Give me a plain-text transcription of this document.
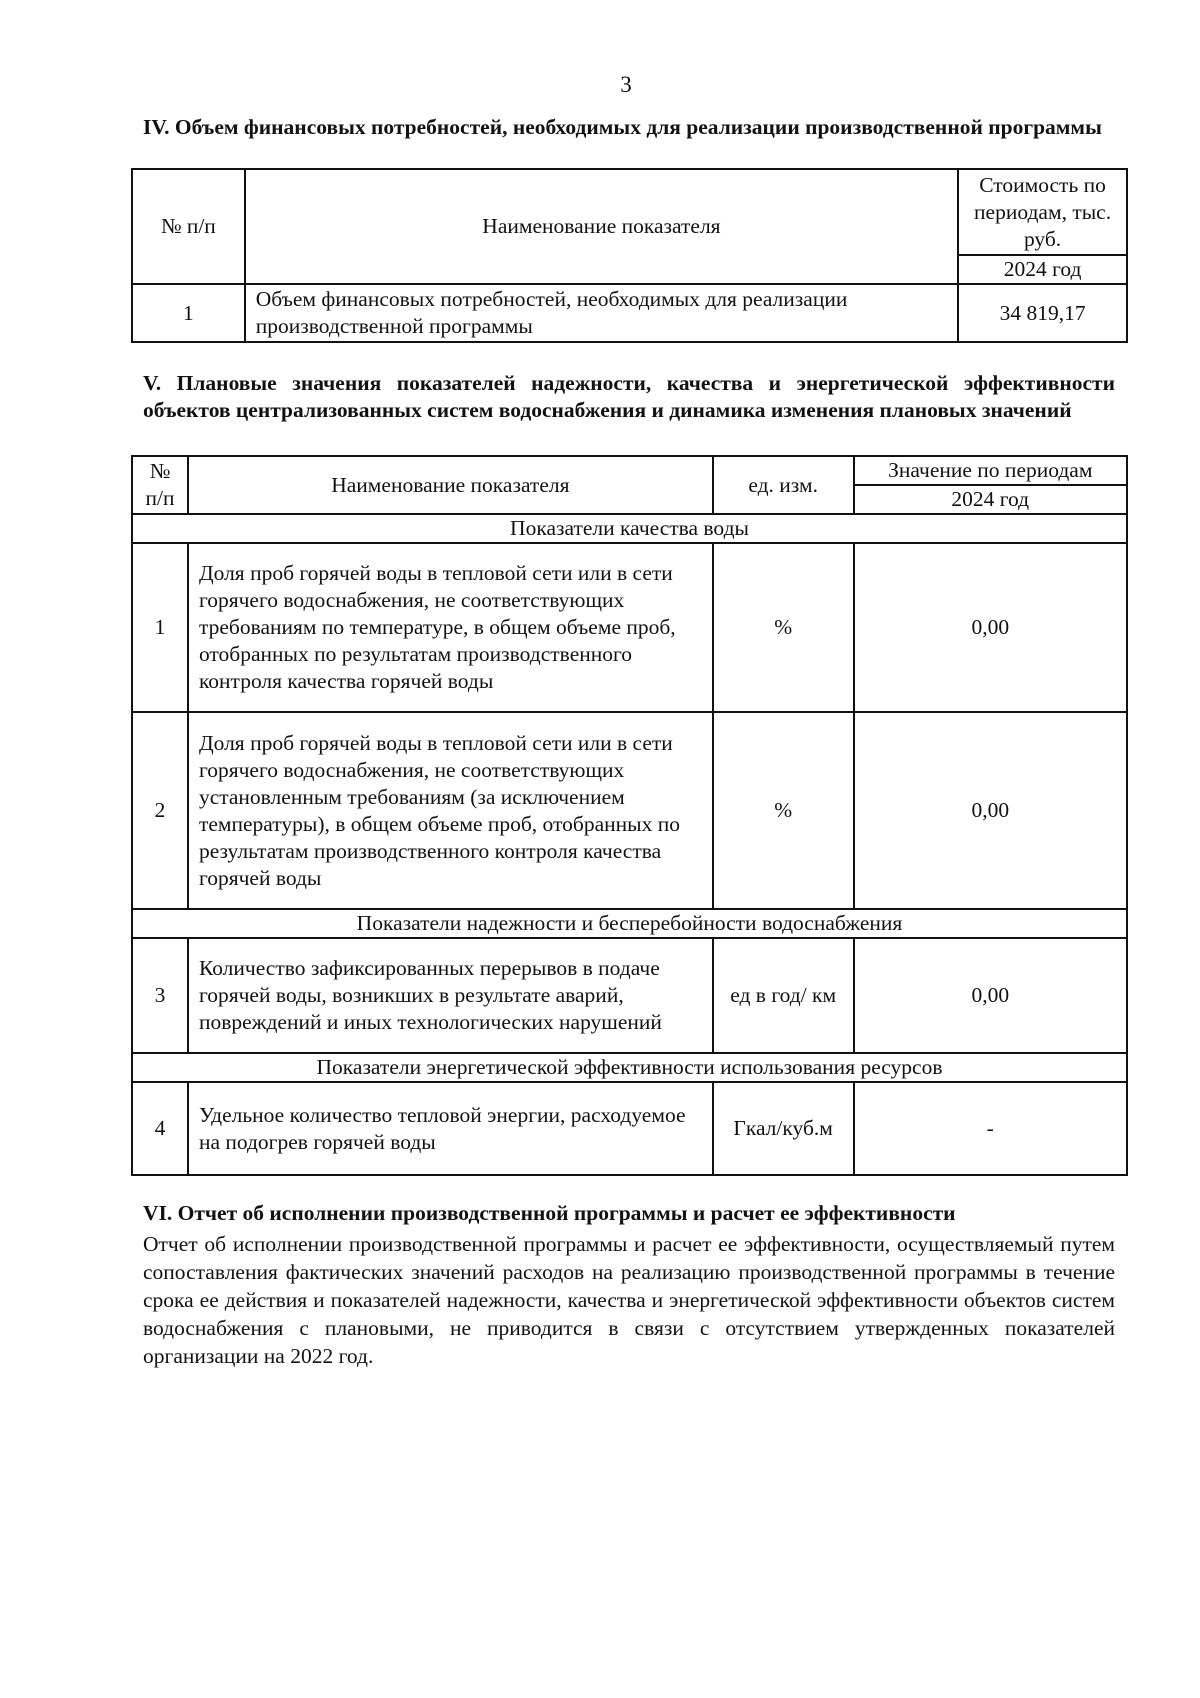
3
IV. Объем финансовых потребностей, необходимых для реализации производственной программы
№ п/п	Наименование показателя	Стоимость по периодам, тыс. руб.
		2024 год
1	Объем финансовых потребностей, необходимых для реализации производственной программы	34 819,17
V. Плановые значения показателей надежности, качества и энергетической эффективности объектов централизованных систем водоснабжения и динамика изменения плановых значений
№ п/п	Наименование показателя	ед. изм.	Значение по периодам
			2024 год
Показатели качества воды			
1	Доля проб горячей воды в тепловой сети или в сети горячего водоснабжения, не соответствующих требованиям по температуре, в общем объеме проб, отобранных по результатам производственного контроля качества горячей воды	%	0,00
2	Доля проб горячей воды в тепловой сети или в сети горячего водоснабжения, не соответствующих установленным требованиям (за исключением температуры), в общем объеме проб, отобранных по результатам производственного контроля качества горячей воды	%	0,00
Показатели надежности и бесперебойности водоснабжения			
3	Количество зафиксированных перерывов в подаче горячей воды, возникших в результате аварий, повреждений и иных технологических нарушений	ед в год/ км	0,00
Показатели энергетической эффективности использования ресурсов			
4	Удельное количество тепловой энергии, расходуемое на подогрев горячей воды	Гкал/куб.м	-
VI. Отчет об исполнении производственной программы и расчет ее эффективности
Отчет об исполнении производственной программы и расчет ее эффективности, осуществляемый путем сопоставления фактических значений расходов на реализацию производственной программы в течение срока ее действия и показателей надежности, качества и энергетической эффективности объектов систем водоснабжения с плановыми, не приводится в связи с отсутствием утвержденных показателей организации на 2022 год.
